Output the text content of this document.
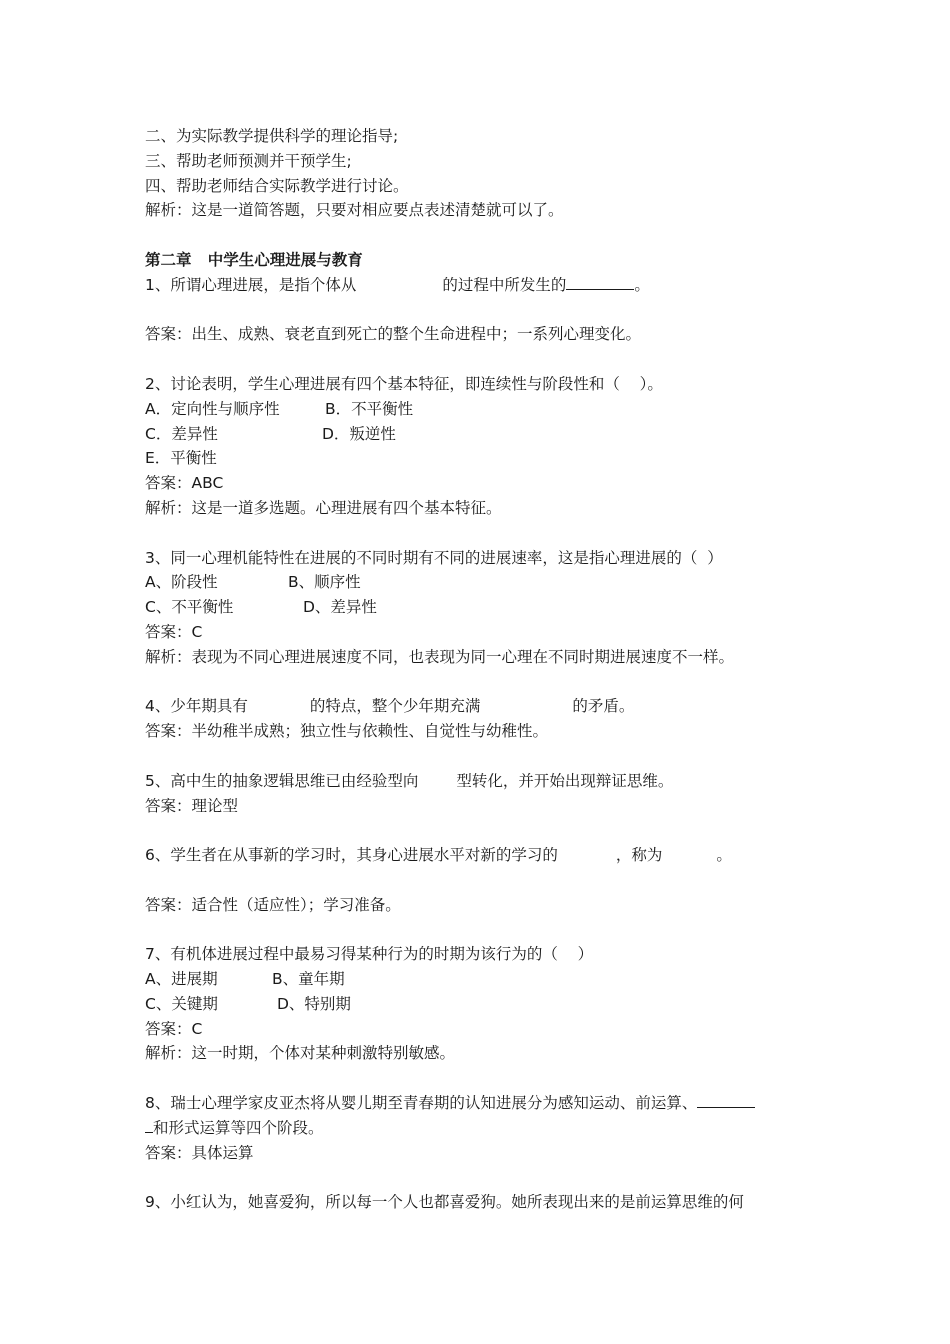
二、为实际教学提供科学的理论指导;
三、帮助老师预测并干预学生;
四、帮助老师结合实际教学进行讨论。
解析：这是一道简答题，只要对相应要点表述清楚就可以了。
第二章   中学生心理进展与教育
1、所谓心理进展，是指个体从	的过程中所发生的	。
答案：出生、成熟、衰老直到死亡的整个生命进程中；一系列心理变化。
2、讨论表明，学生心理进展有四个基本特征，即连续性与阶段性和（    ）。
A．定向性与顺序性	B．不平衡性
C．差异性	D．叛逆性
E．平衡性
答案：ABC
解析：这是一道多选题。心理进展有四个基本特征。
3、同一心理机能特性在进展的不同时期有不同的进展速率，这是指心理进展的（  ）
A、阶段性	B、顺序性
C、不平衡性	D、差异性
答案：C
解析：表现为不同心理进展速度不同，也表现为同一心理在不同时期进展速度不一样。
4、少年期具有	的特点，整个少年期充满	的矛盾。
答案：半幼稚半成熟；独立性与依赖性、自觉性与幼稚性。
5、高中生的抽象逻辑思维已由经验型向 型转化，并开始出现辩证思维。
答案：理论型
6、学生者在从事新的学习时，其身心进展水平对新的学习的	，称为	。
答案：适合性（适应性）；学习准备。
7、有机体进展过程中最易习得某种行为的时期为该行为的（    ）
A、进展期	B、童年期
C、关键期	D、特别期
答案：C
解析：这一时期，个体对某种刺激特别敏感。
8、瑞士心理学家皮亚杰将从婴儿期至青春期的认知进展分为感知运动、前运算、
和形式运算等四个阶段。
答案：具体运算
9、小红认为，她喜爱狗，所以每一个人也都喜爱狗。她所表现出来的是前运算思维的何
